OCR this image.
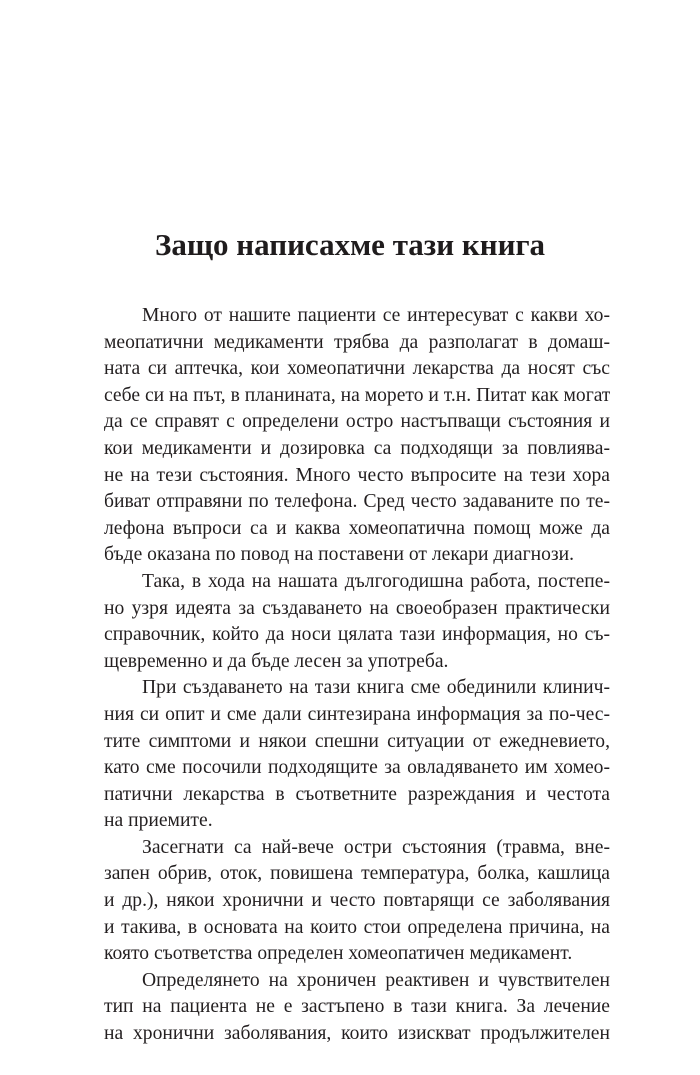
Защо написахме тази книга
Много от нашите пациенти се интересуват с какви хо-
меопатични медикаменти трябва да разполагат в домаш-
ната си аптечка, кои хомеопатични лекарства да носят със
себе си на път, в планината, на морето и т.н. Питат как могат
да се справят с определени остро настъпващи състояния и
кои медикаменти и дозировка са подходящи за повлиява-
не на тези състояния. Много често въпросите на тези хора
биват отправяни по телефона. Сред често задаваните по те-
лефона въпроси са и каква хомеопатична помощ може да
бъде оказана по повод на поставени от лекари диагнози.
Така, в хода на нашата дългогодишна работа, постепе-
но узря идеята за създаването на своеобразен практически
справочник, който да носи цялата тази информация, но съ-
щевременно и да бъде лесен за употреба.
При създаването на тази книга сме обединили клинич-
ния си опит и сме дали синтезирана информация за по-чес-
тите симптоми и някои спешни ситуации от ежедневието,
като сме посочили подходящите за овладяването им хомео-
патични лекарства в съответните разреждания и честота
на приемите.
Засегнати са най-вече остри състояния (травма, вне-
запен обрив, оток, повишена температура, болка, кашлица
и др.), някои хронични и често повтарящи се заболявания
и такива, в основата на които стои определена причина, на
която съответства определен хомеопатичен медикамент.
Определянето на хроничен реактивен и чувствителен
тип на пациента не е застъпено в тази книга. За лечение
на хронични заболявания, които изискват продължителен
